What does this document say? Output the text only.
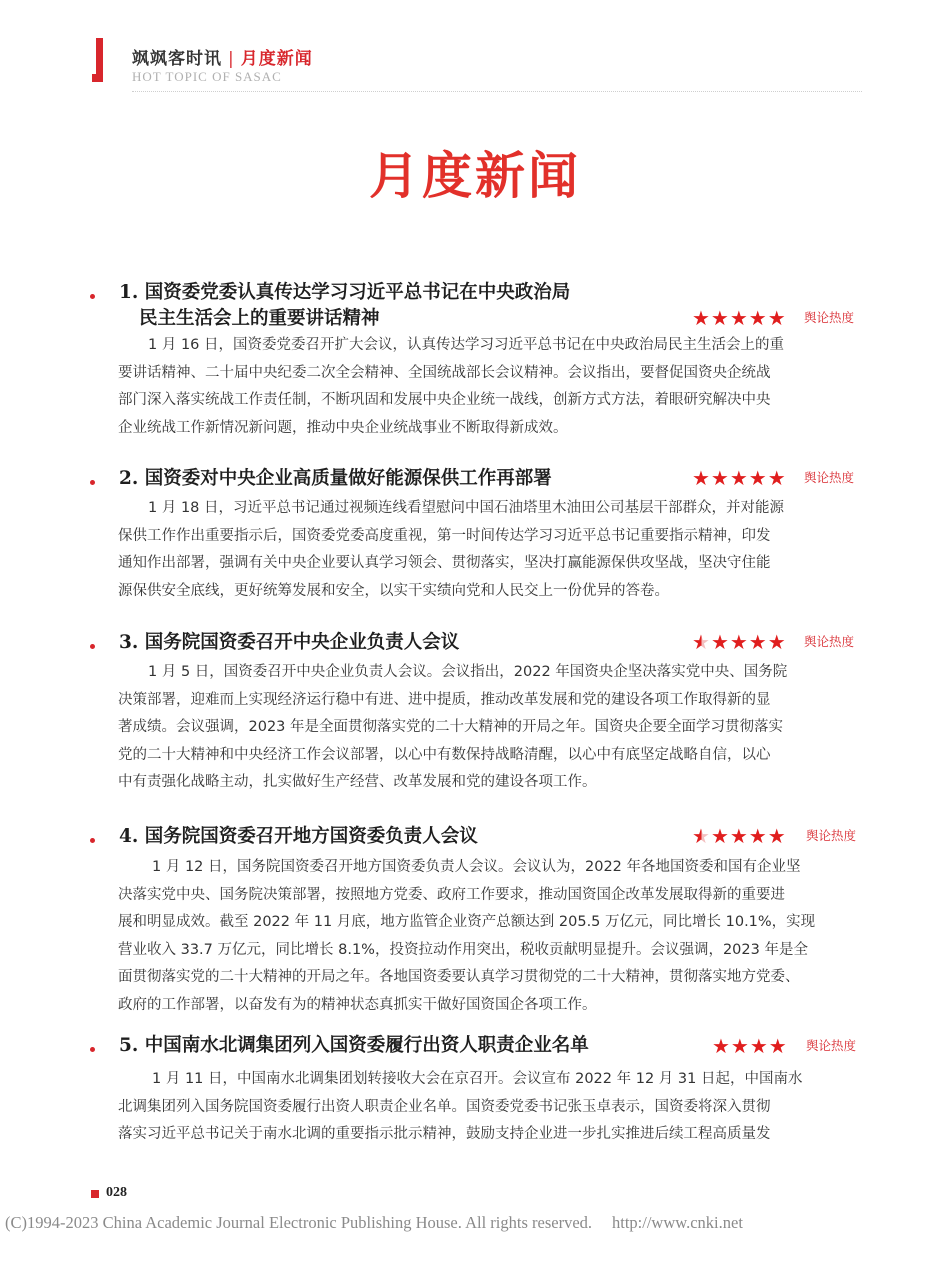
飒飒客时讯 | 月度新闻
HOT TOPIC OF SASAC
月度新闻
1. 国资委党委认真传达学习习近平总书记在中央政治局
民主生活会上的重要讲话精神	★★★★★ 舆论热度
1 月 16 日，国资委党委召开扩大会议，认真传达学习习近平总书记在中央政治局民主生活会上的重
要讲话精神、二十届中央纪委二次全会精神、全国统战部长会议精神。会议指出，要督促国资央企统战
部门深入落实统战工作责任制，不断巩固和发展中央企业统一战线，创新方式方法，着眼研究解决中央
企业统战工作新情况新问题，推动中央企业统战事业不断取得新成效。
2. 国资委对中央企业高质量做好能源保供工作再部署	★★★★★ 舆论热度
1 月 18 日，习近平总书记通过视频连线看望慰问中国石油塔里木油田公司基层干部群众，并对能源
保供工作作出重要指示后，国资委党委高度重视，第一时间传达学习习近平总书记重要指示精神，印发
通知作出部署，强调有关中央企业要认真学习领会、贯彻落实，坚决打赢能源保供攻坚战，坚决守住能
源保供安全底线，更好统筹发展和安全，以实干实绩向党和人民交上一份优异的答卷。
3. 国务院国资委召开中央企业负责人会议	★★★★★ 舆论热度
1 月 5 日，国资委召开中央企业负责人会议。会议指出，2022 年国资央企坚决落实党中央、国务院
决策部署，迎难而上实现经济运行稳中有进、进中提质，推动改革发展和党的建设各项工作取得新的显
著成绩。会议强调，2023 年是全面贯彻落实党的二十大精神的开局之年。国资央企要全面学习贯彻落实
党的二十大精神和中央经济工作会议部署，以心中有数保持战略清醒，以心中有底坚定战略自信，以心
中有责强化战略主动，扎实做好生产经营、改革发展和党的建设各项工作。
4. 国务院国资委召开地方国资委负责人会议	★★★★★ 舆论热度
1 月 12 日，国务院国资委召开地方国资委负责人会议。会议认为，2022 年各地国资委和国有企业坚
决落实党中央、国务院决策部署，按照地方党委、政府工作要求，推动国资国企改革发展取得新的重要进
展和明显成效。截至 2022 年 11 月底，地方监管企业资产总额达到 205.5 万亿元，同比增长 10.1%，实现
营业收入 33.7 万亿元，同比增长 8.1%，投资拉动作用突出，税收贡献明显提升。会议强调，2023 年是全
面贯彻落实党的二十大精神的开局之年。各地国资委要认真学习贯彻党的二十大精神，贯彻落实地方党委、
政府的工作部署，以奋发有为的精神状态真抓实干做好国资国企各项工作。
5. 中国南水北调集团列入国资委履行出资人职责企业名单	★★★★ 舆论热度
1 月 11 日，中国南水北调集团划转接收大会在京召开。会议宣布 2022 年 12 月 31 日起，中国南水
北调集团列入国务院国资委履行出资人职责企业名单。国资委党委书记张玉卓表示，国资委将深入贯彻
落实习近平总书记关于南水北调的重要指示批示精神，鼓励支持企业进一步扎实推进后续工程高质量发
028
(C)1994-2023 China Academic Journal Electronic Publishing House. All rights reserved. http://www.cnki.net
